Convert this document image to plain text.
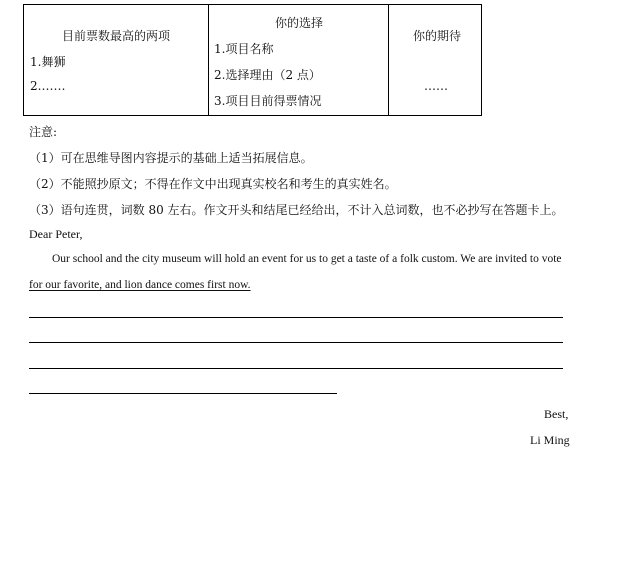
目前票数最高的两项
1.舞狮
2.……
你的选择
1.项目名称
2.选择理由（2 点）
3.项目目前得票情况
你的期待
……
注意:
（1）可在思维导图内容提示的基础上适当拓展信息。
（2）不能照抄原文；不得在作文中出现真实校名和考生的真实姓名。
（3）语句连贯，词数 80 左右。作文开头和结尾已经给出，不计入总词数，也不必抄写在答题卡上。
Dear Peter,
Our school and the city museum will hold an event for us to get a taste of a folk custom. We are invited to vote
for our favorite, and lion dance comes first now.
Best,
Li Ming
